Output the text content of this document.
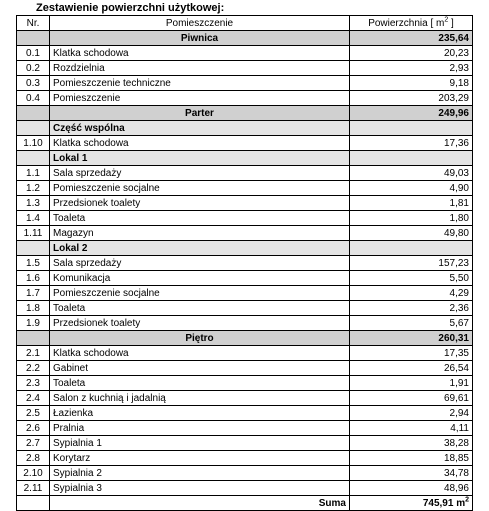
Zestawienie powierzchni użytkowej:
Nr.	Pomieszczenie	Powierzchnia [ $m^2$ ]
	Piwnica	235,64
0.1	Klatka schodowa	20,23
0.2	Rozdzielnia	2,93
0.3	Pomieszczenie techniczne	9,18
0.4	Pomieszczenie	203,29
	Parter	249,96
	Część wspólna	
1.10	Klatka schodowa	17,36
	Lokal 1	
1.1	Sala sprzedaży	49,03
1.2	Pomieszczenie socjalne	4,90
1.3	Przedsionek toalety	1,81
1.4	Toaleta	1,80
1.11	Magazyn	49,80
	Lokal 2	
1.5	Sala sprzedaży	157,23
1.6	Komunikacja	5,50
1.7	Pomieszczenie socjalne	4,29
1.8	Toaleta	2,36
1.9	Przedsionek toalety	5,67
	Piętro	260,31
2.1	Klatka schodowa	17,35
2.2	Gabinet	26,54
2.3	Toaleta	1,91
2.4	Salon z kuchnią i jadalnią	69,61
2.5	Łazienka	2,94
2.6	Pralnia	4,11
2.7	Sypialnia 1	38,28
2.8	Korytarz	18,85
2.10	Sypialnia 2	34,78
2.11	Sypialnia 3	48,96
	Suma	745,91 $m^2$
